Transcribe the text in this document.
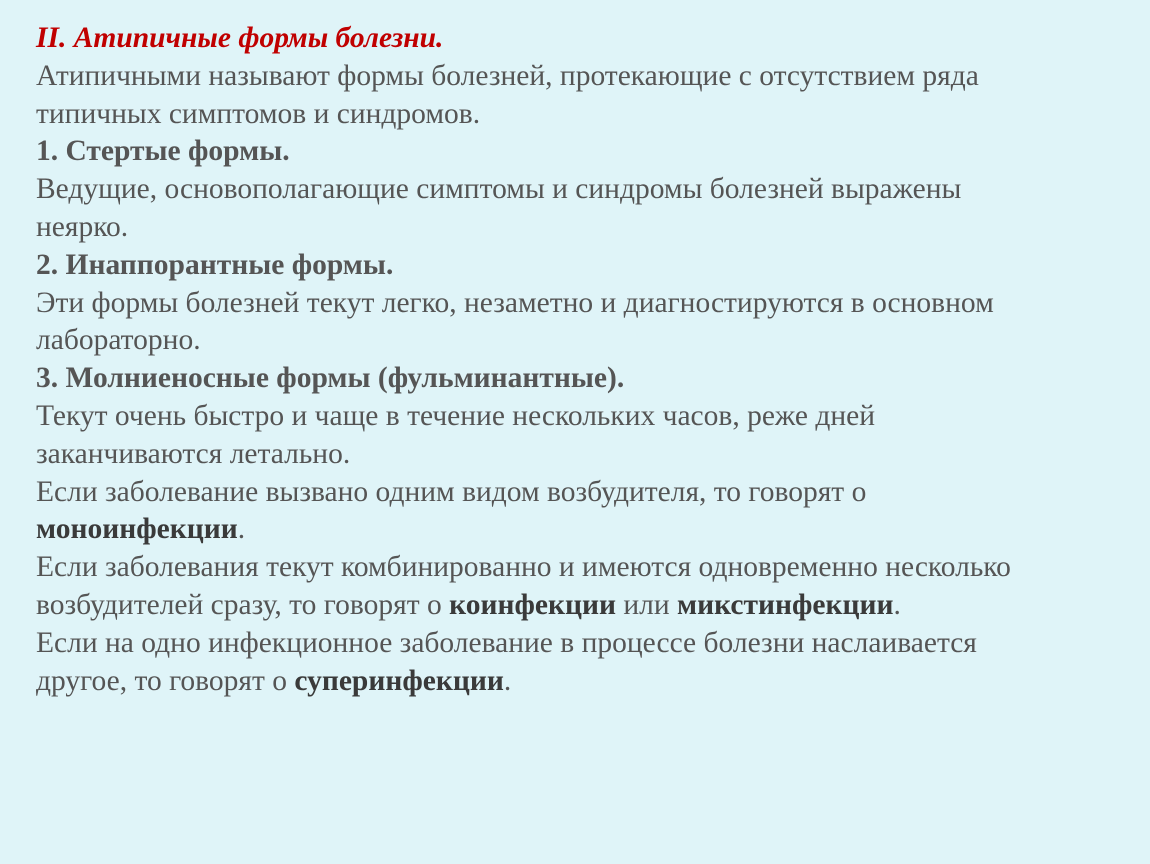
II. Атипичные формы болезни.
Атипичными называют формы болезней, протекающие с отсутствием ряда
типичных симптомов и синдромов.
1. Стертые формы.
Ведущие, основополагающие симптомы и синдромы болезней выражены
неярко.
2. Инаппорантные формы.
Эти формы болезней текут легко, незаметно и диагностируются в основном
лабораторно.
3. Молниеносные формы (фульминантные).
Текут очень быстро и чаще в течение нескольких часов, реже дней
заканчиваются летально.
Если заболевание вызвано одним видом возбудителя, то говорят о
моноинфекции.
Если заболевания текут комбинированно и имеются одновременно несколько
возбудителей сразу, то говорят о коинфекции или микстинфекции.
Если на одно инфекционное заболевание в процессе болезни наслаивается
другое, то говорят о суперинфекции.
